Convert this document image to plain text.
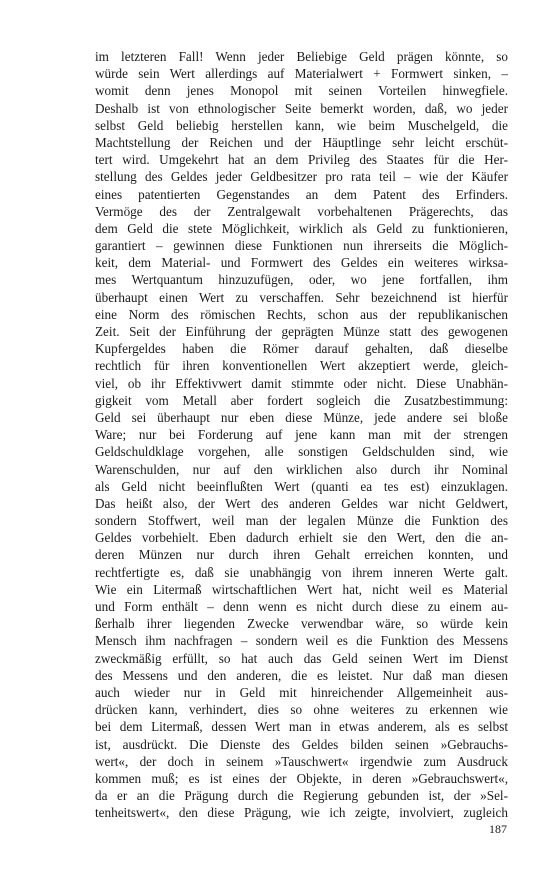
im letzteren Fall! Wenn jeder Beliebige Geld prägen könnte, so
würde sein Wert allerdings auf Materialwert + Formwert sinken, –
womit denn jenes Monopol mit seinen Vorteilen hinwegfiele.
Deshalb ist von ethnologischer Seite bemerkt worden, daß, wo jeder
selbst Geld beliebig herstellen kann, wie beim Muschelgeld, die
Machtstellung der Reichen und der Häuptlinge sehr leicht erschüt-
tert wird. Umgekehrt hat an dem Privileg des Staates für die Her-
stellung des Geldes jeder Geldbesitzer pro rata teil – wie der Käufer
eines patentierten Gegenstandes an dem Patent des Erfinders.
Vermöge des der Zentralgewalt vorbehaltenen Prägerechts, das
dem Geld die stete Möglichkeit, wirklich als Geld zu funktionieren,
garantiert – gewinnen diese Funktionen nun ihrerseits die Möglich-
keit, dem Material- und Formwert des Geldes ein weiteres wirksa-
mes Wertquantum hinzuzufügen, oder, wo jene fortfallen, ihm
überhaupt einen Wert zu verschaffen. Sehr bezeichnend ist hierfür
eine Norm des römischen Rechts, schon aus der republikanischen
Zeit. Seit der Einführung der geprägten Münze statt des gewogenen
Kupfergeldes haben die Römer darauf gehalten, daß dieselbe
rechtlich für ihren konventionellen Wert akzeptiert werde, gleich-
viel, ob ihr Effektivwert damit stimmte oder nicht. Diese Unabhän-
gigkeit vom Metall aber fordert sogleich die Zusatzbestimmung:
Geld sei überhaupt nur eben diese Münze, jede andere sei bloße
Ware; nur bei Forderung auf jene kann man mit der strengen
Geldschuldklage vorgehen, alle sonstigen Geldschulden sind, wie
Warenschulden, nur auf den wirklichen also durch ihr Nominal
als Geld nicht beeinflußten Wert (quanti ea tes est) einzuklagen.
Das heißt also, der Wert des anderen Geldes war nicht Geldwert,
sondern Stoffwert, weil man der legalen Münze die Funktion des
Geldes vorbehielt. Eben dadurch erhielt sie den Wert, den die an-
deren Münzen nur durch ihren Gehalt erreichen konnten, und
rechtfertigte es, daß sie unabhängig von ihrem inneren Werte galt.
Wie ein Litermaß wirtschaftlichen Wert hat, nicht weil es Material
und Form enthält – denn wenn es nicht durch diese zu einem au-
ßerhalb ihrer liegenden Zwecke verwendbar wäre, so würde kein
Mensch ihm nachfragen – sondern weil es die Funktion des Messens
zweckmäßig erfüllt, so hat auch das Geld seinen Wert im Dienst
des Messens und den anderen, die es leistet. Nur daß man diesen
auch wieder nur in Geld mit hinreichender Allgemeinheit aus-
drücken kann, verhindert, dies so ohne weiteres zu erkennen wie
bei dem Litermaß, dessen Wert man in etwas anderem, als es selbst
ist, ausdrückt. Die Dienste des Geldes bilden seinen »Gebrauchs-
wert«, der doch in seinem »Tauschwert« irgendwie zum Ausdruck
kommen muß; es ist eines der Objekte, in deren »Gebrauchswert«,
da er an die Prägung durch die Regierung gebunden ist, der »Sel-
tenheitswert«, den diese Prägung, wie ich zeigte, involviert, zugleich
187
